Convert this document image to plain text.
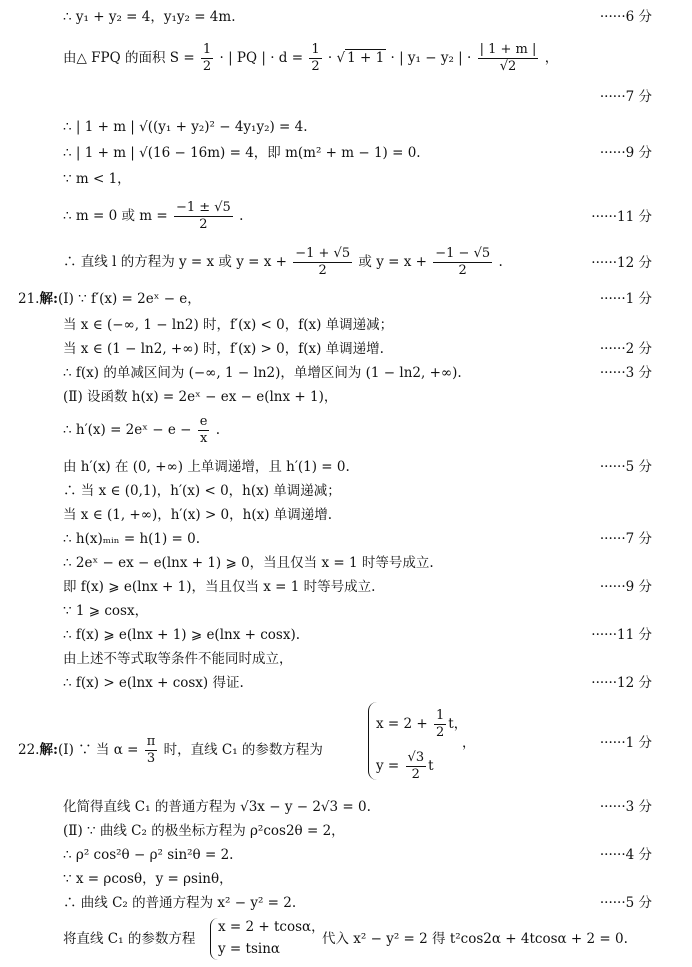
∴ y₁ + y₂ = 4，y₁y₂ = 4m.	······6 分
由△ FPQ 的面积 $S = \frac{1}{2}$ · | PQ | · $d = \frac{1}{2}$ · √ 1 + 1 · | y₁ − y₂ | · $\frac{| 1 + m |}{√2}$ ，
······7 分
∴ | 1 + m | √((y₁ + y₂)² − 4y₁y₂) = 4.
∴ | 1 + m | √(16 − 16m) = 4，即 m(m² + m − 1) = 0.	······9 分
∵ m < 1，
∴ m = 0 或 $m = \frac{-1 \pm √5}{2}$ .	······11 分
∴ 直线 l 的方程为 y = x 或 $y = x + \frac{-1 + √5}{2}$ 或 $y = x + \frac{-1 - √5}{2}$ .	······12 分
21.解:(Ⅰ) ∵ f′(x) = 2eˣ − e，	······1 分
当 x ∈ (−∞, 1 − ln2) 时，f′(x) < 0，f(x) 单调递减；
当 x ∈ (1 − ln2, +∞) 时，f′(x) > 0，f(x) 单调递增.	······2 分
∴ f(x) 的单减区间为 (−∞, 1 − ln2)，单增区间为 (1 − ln2, +∞).	······3 分
(Ⅱ) 设函数 h(x) = 2eˣ − ex − e(lnx + 1)，
∴ h′(x) = 2eˣ − $e - \frac{e}{x}$ .
由 h′(x) 在 (0, +∞) 上单调递增，且 h′(1) = 0.	······5 分
∴ 当 x ∈ (0,1)，h′(x) < 0，h(x) 单调递减；
当 x ∈ (1, +∞)，h′(x) > 0，h(x) 单调递增.
∴ h(x)ₘᵢₙ = h(1) = 0.	······7 分
∴ 2eˣ − ex − e(lnx + 1) ⩾ 0，当且仅当 x = 1 时等号成立.
即 f(x) ⩾ e(lnx + 1)，当且仅当 x = 1 时等号成立.	······9 分
∵ 1 ⩾ cosx，
∴ f(x) ⩾ e(lnx + 1) ⩾ e(lnx + cosx).	······11 分
由上述不等式取等条件不能同时成立，
∴ f(x) > e(lnx + cosx) 得证.	······12 分
22.解:(Ⅰ) ∵ 当 $\alpha = \frac{\pi}{3}$ 时，直线 C₁ 的参数方程为
$x = 2 + \frac{1}{2}$ t，
$y = \frac{√3}{2}$ t
，	······1 分
化简得直线 C₁ 的普通方程为 √3x − y − 2√3 = 0.	······3 分
(Ⅱ) ∵ 曲线 C₂ 的极坐标方程为 ρ²cos2θ = 2，
∴ ρ² cos²θ − ρ² sin²θ = 2.	······4 分
∵ x = ρcosθ，y = ρsinθ，
∴ 曲线 C₂ 的普通方程为 x² − y² = 2.	······5 分
将直线 C₁ 的参数方程
x = 2 + tcosα，
y = tsinα
代入 x² − y² = 2 得 t²cos2α + 4tcosα + 2 = 0.
